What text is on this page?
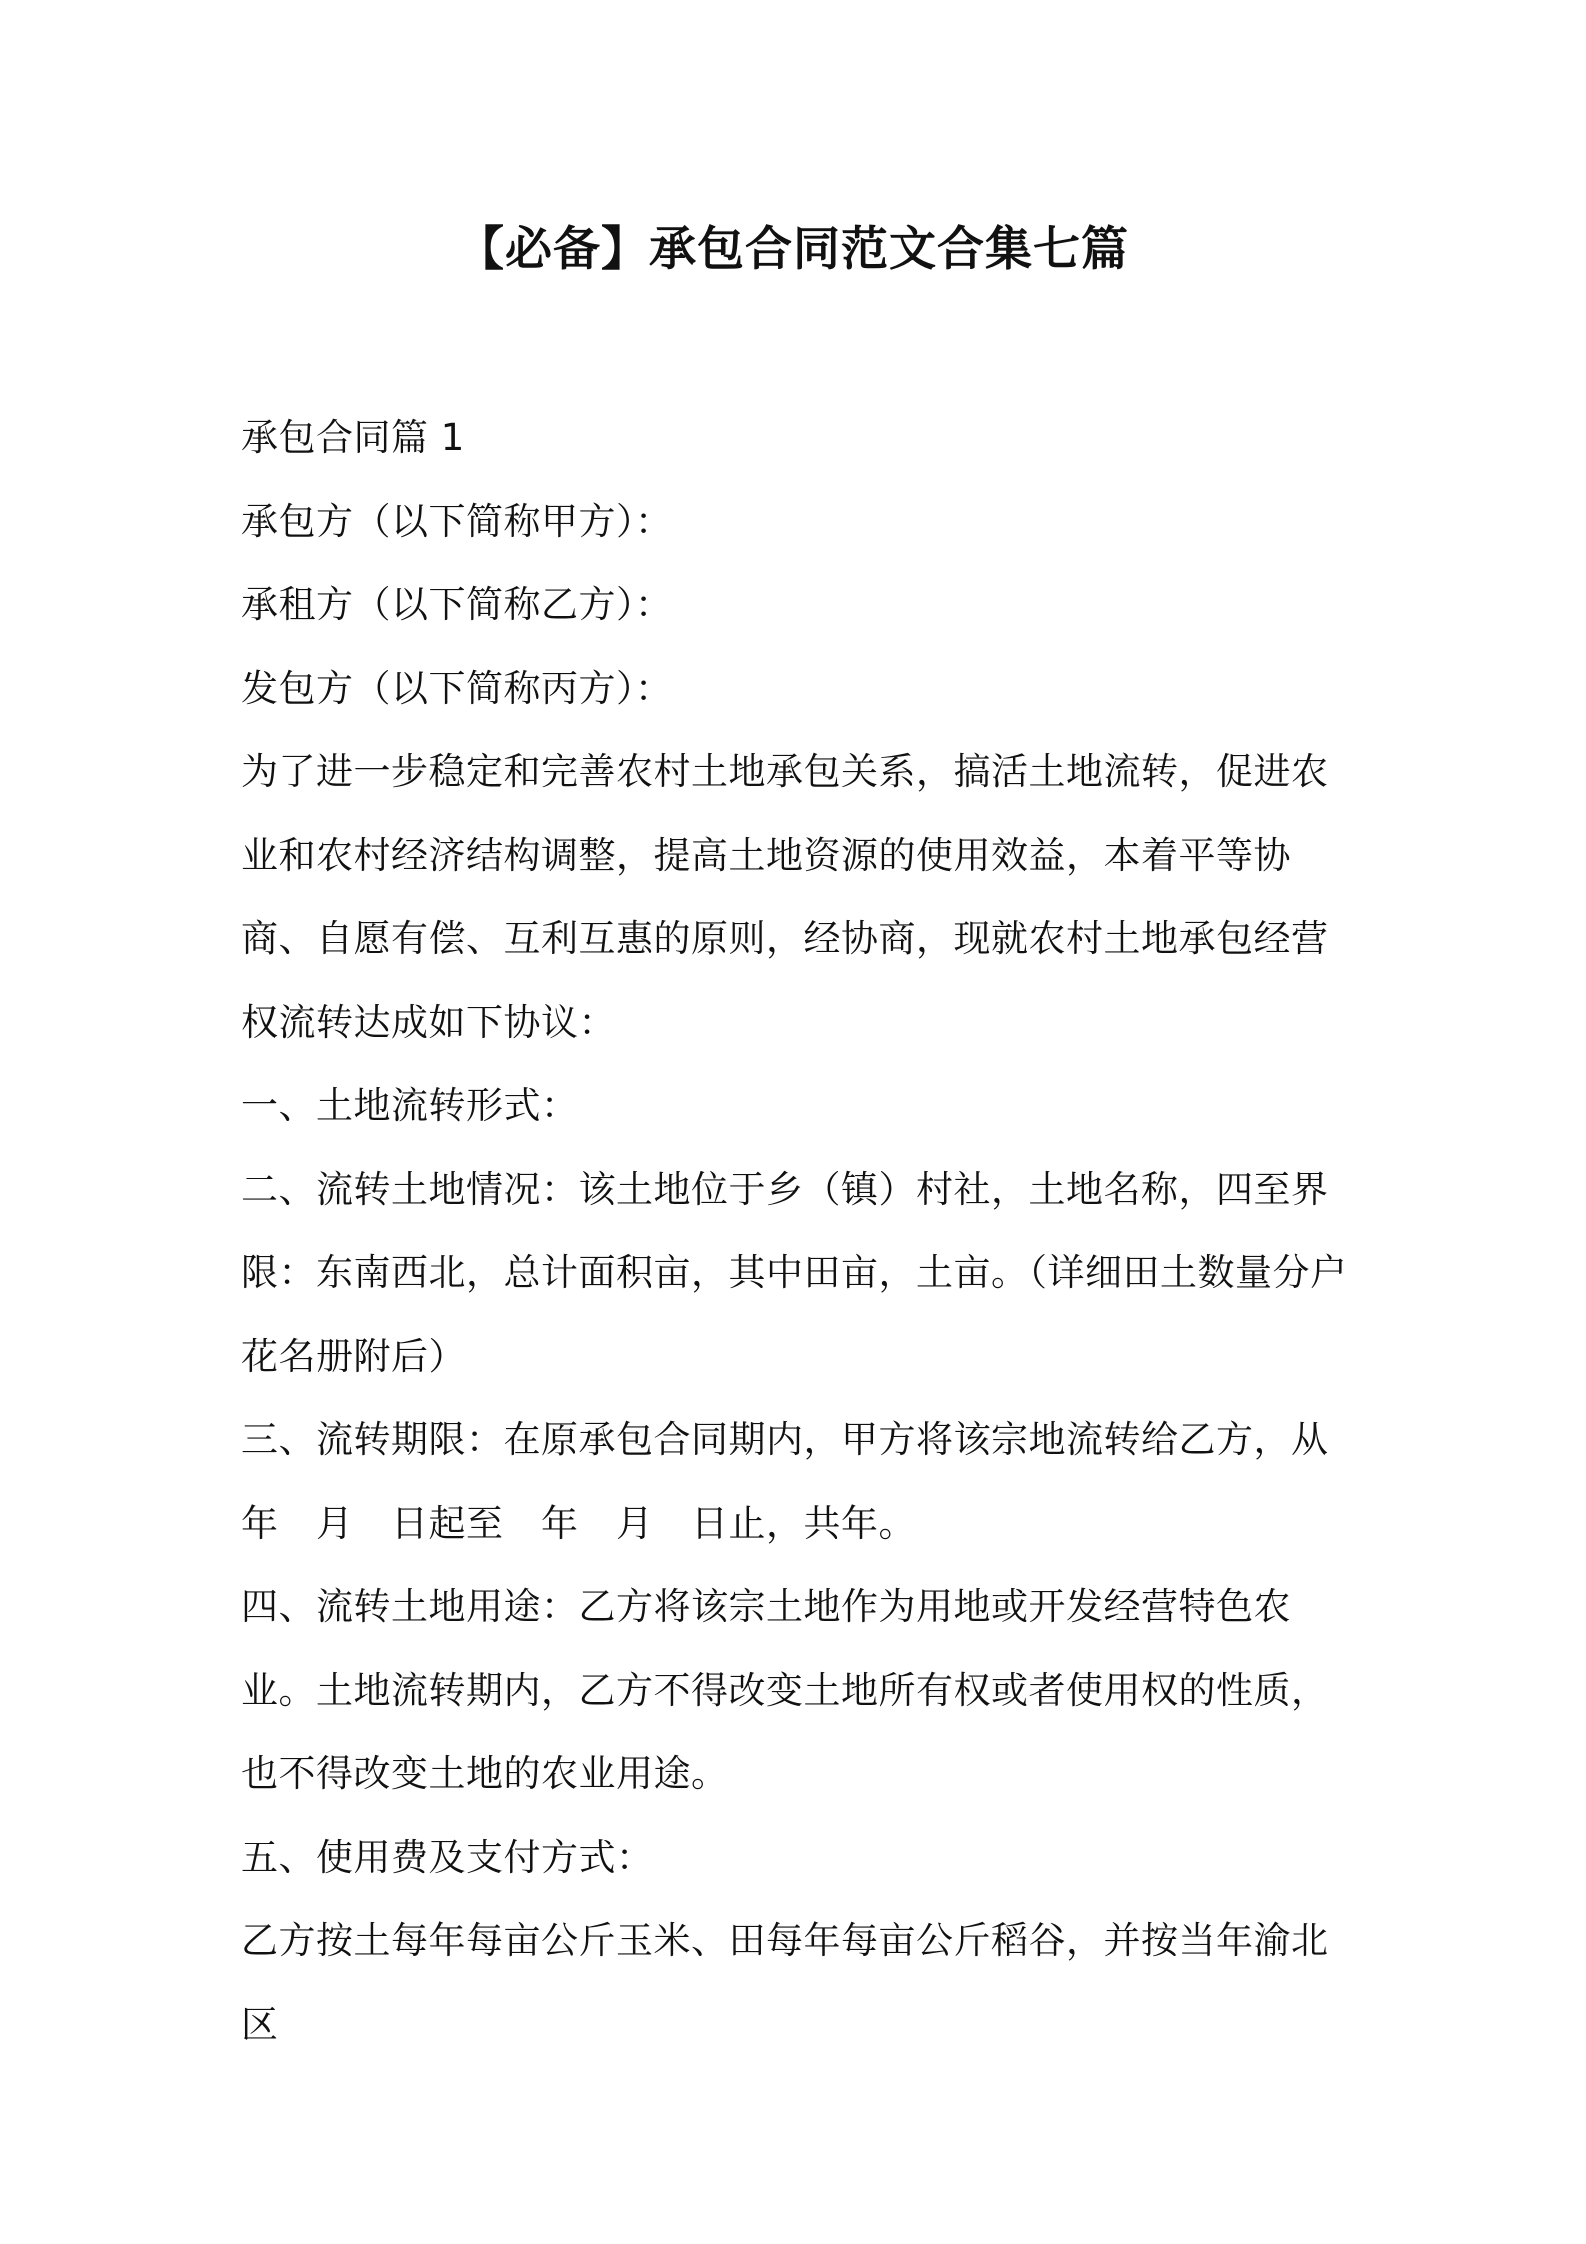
【必备】承包合同范文合集七篇

承包合同篇 1

承包方（以下简称甲方）：

承租方（以下简称乙方）：

发包方（以下简称丙方）：

为了进一步稳定和完善农村土地承包关系，搞活土地流转，促进农业和农村经济结构调整，提高土地资源的使用效益，本着平等协商、自愿有偿、互利互惠的原则，经协商，现就农村土地承包经营权流转达成如下协议：

一、土地流转形式：

二、流转土地情况：该土地位于乡（镇）村社，土地名称，四至界限：东南西北，总计面积亩，其中田亩，土亩。（详细田土数量分户花名册附后）

三、流转期限：在原承包合同期内，甲方将该宗地流转给乙方，从　年　月　日起至　年　月　日止，共年。

四、流转土地用途：乙方将该宗土地作为用地或开发经营特色农业。土地流转期内，乙方不得改变土地所有权或者使用权的性质，也不得改变土地的农业用途。

五、使用费及支付方式：

乙方按土每年每亩公斤玉米、田每年每亩公斤稻谷，并按当年渝北区
